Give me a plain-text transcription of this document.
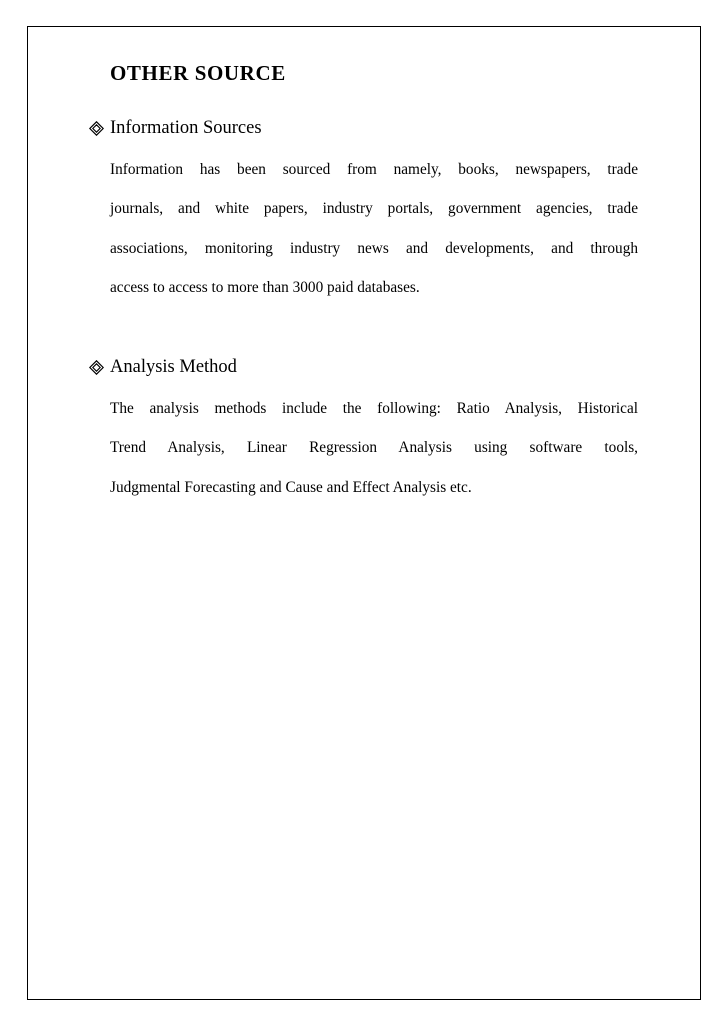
OTHER SOURCE
Information Sources
Information has been sourced from namely, books, newspapers, trade
journals, and white papers, industry portals, government agencies, trade
associations, monitoring industry news and developments, and through
access to access to more than 3000 paid databases.
Analysis Method
The analysis methods include the following: Ratio Analysis, Historical
Trend Analysis, Linear Regression Analysis using software tools,
Judgmental Forecasting and Cause and Effect Analysis etc.
